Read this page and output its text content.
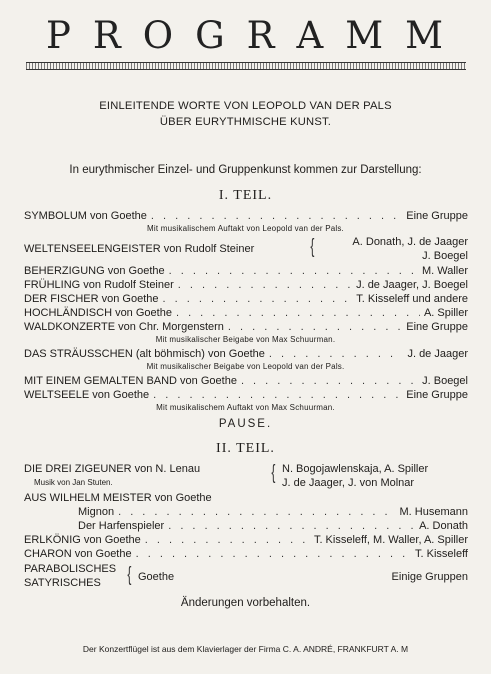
PROGRAMM
EINLEITENDE WORTE VON LEOPOLD VAN DER PALS
ÜBER EURYTHMISCHE KUNST.
In eurythmischer Einzel- und Gruppenkunst kommen zur Darstellung:
I. TEIL.
SYMBOLUM von Goethe . . .	Eine Gruppe
Mit musikalischem Auftakt von Leopold van der Pals.
WELTENSEELENGEISTER von Rudolf Steiner	{	A. Donath, J. de Jaager
J. Boegel
BEHERZIGUNG von Goethe . . .	M. Waller
FRÜHLING von Rudolf Steiner . . .	J. de Jaager, J. Boegel
DER FISCHER von Goethe . . .	T. Kisseleff und andere
HOCHLÄNDISCH von Goethe . . .	A. Spiller
WALDKONZERTE von Chr. Morgenstern . . .	Eine Gruppe
Mit musikalischer Beigabe von Max Schuurman.
DAS STRÄUSSCHEN (alt böhmisch) von Goethe . . .	J. de Jaager
Mit musikalischer Beigabe von Leopold van der Pals.
MIT EINEM GEMALTEN BAND von Goethe . . .	J. Boegel
WELTSEELE von Goethe . . .	Eine Gruppe
Mit musikalischem Auftakt von Max Schuurman.
PAUSE.
II. TEIL.
DIE DREI ZIGEUNER von N. Lenau
Musik von Jan Stuten.	{ N. Bogojawlenskaja, A. Spiller
J. de Jaager, J. von Molnar
AUS WILHELM MEISTER von Goethe
Mignon . . .	M. Husemann
Der Harfenspieler . . .	A. Donath
ERLKÖNIG von Goethe . . .	T. Kisseleff, M. Waller, A. Spiller
CHARON von Goethe . . .	T. Kisseleff
PARABOLISCHES
SATYRISCHES { Goethe	Einige Gruppen
Änderungen vorbehalten.
Der Konzertflügel ist aus dem Klavierlager der Firma C. A. ANDRÉ, FRANKFURT A. M
